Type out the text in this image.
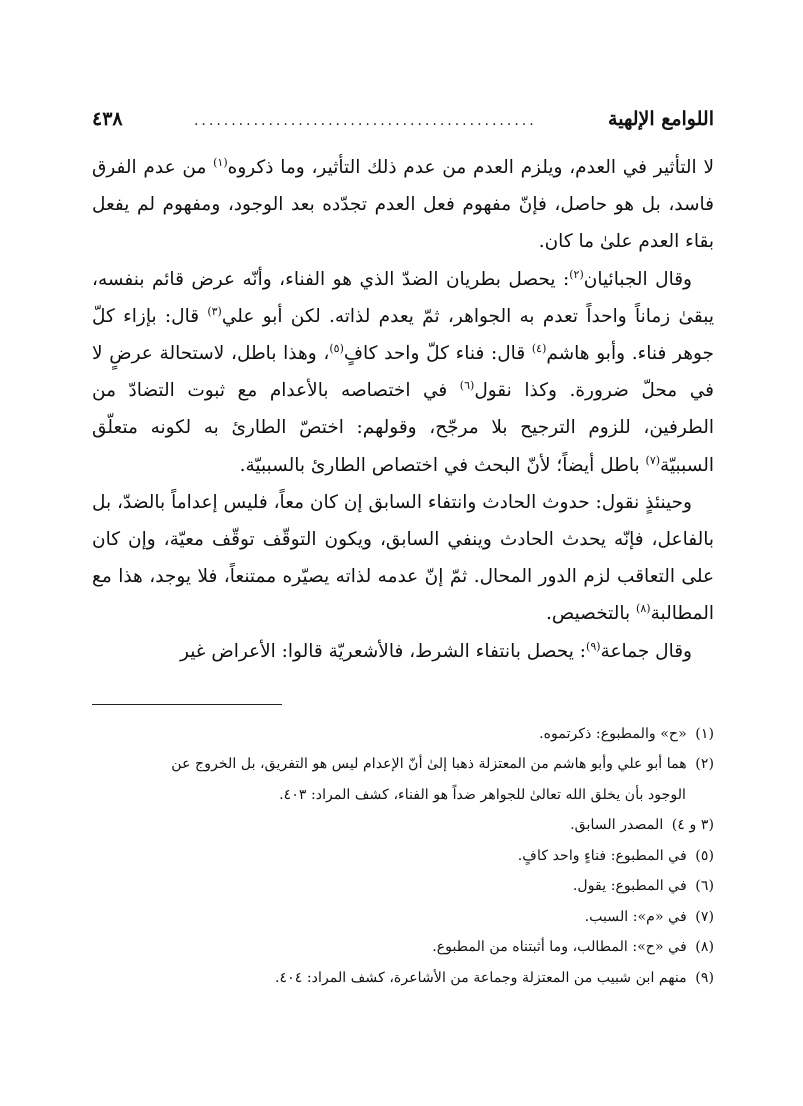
اللوامع الإلهية
..............................................
٤٣٨

لا التأثير في العدم، ويلزم العدم من عدم ذلك التأثير، وما ذكروه$^{(١)}$ من عدم الفرق فاسد، بل هو حاصل، فإنّ مفهوم فعل العدم تجدّده بعد الوجود، ومفهوم لم يفعل بقاء العدم علىٰ ما كان.

وقال الجبائيان$^{(٢)}$: يحصل بطريان الضدّ الذي هو الفناء، وأنّه عرض قائم بنفسه، يبقىٰ زماناً واحداً تعدم به الجواهر، ثمّ يعدم لذاته. لكن أبو علي$^{(٣)}$ قال: بإزاء كلّ جوهر فناء. وأبو هاشم$^{(٤)}$ قال: فناء كلّ واحد كافٍ$^{(٥)}$، وهذا باطل، لاستحالة عرضٍ لا في محلّ ضرورة. وكذا نقول$^{(٦)}$ في اختصاصه بالأعدام مع ثبوت التضادّ من الطرفين، للزوم الترجيح بلا مرجّح، وقولهم: اختصّ الطارئ به لكونه متعلّق السببيّة$^{(٧)}$ باطل أيضاً؛ لأنّ البحث في اختصاص الطارئ بالسببيّة.

وحينئذٍ نقول: حدوث الحادث وانتفاء السابق إن كان معاً، فليس إعداماً بالضدّ، بل بالفاعل، فإنّه يحدث الحادث وينفي السابق، ويكون التوقّف توقّف معيّة، وإن كان على التعاقب لزم الدور المحال. ثمّ إنّ عدمه لذاته يصيّره ممتنعاً، فلا يوجد، هذا مع المطالبة$^{(٨)}$ بالتخصيص.

وقال جماعة$^{(٩)}$: يحصل بانتفاء الشرط، فالأشعريّة قالوا: الأعراض غير

(١) «ح» والمطبوع: ذكرتموه.
(٢) هما أبو علي وأبو هاشم من المعتزلة ذهبا إلىٰ أنّ الإعدام ليس هو التفريق، بل الخروج عن
الوجود بأن يخلق الله تعالىٰ للجواهر ضداً هو الفناء، كشف المراد: ٤٠٣.
(٣ و ٤) المصدر السابق.
(٥) في المطبوع: فناءٍ واحد كافٍ.
(٦) في المطبوع: يقول.
(٧) في «م»: السبب.
(٨) في «ح»: المطالب، وما أثبتناه من المطبوع.
(٩) منهم ابن شبيب من المعتزلة وجماعة من الأشاعرة، كشف المراد: ٤٠٤.
